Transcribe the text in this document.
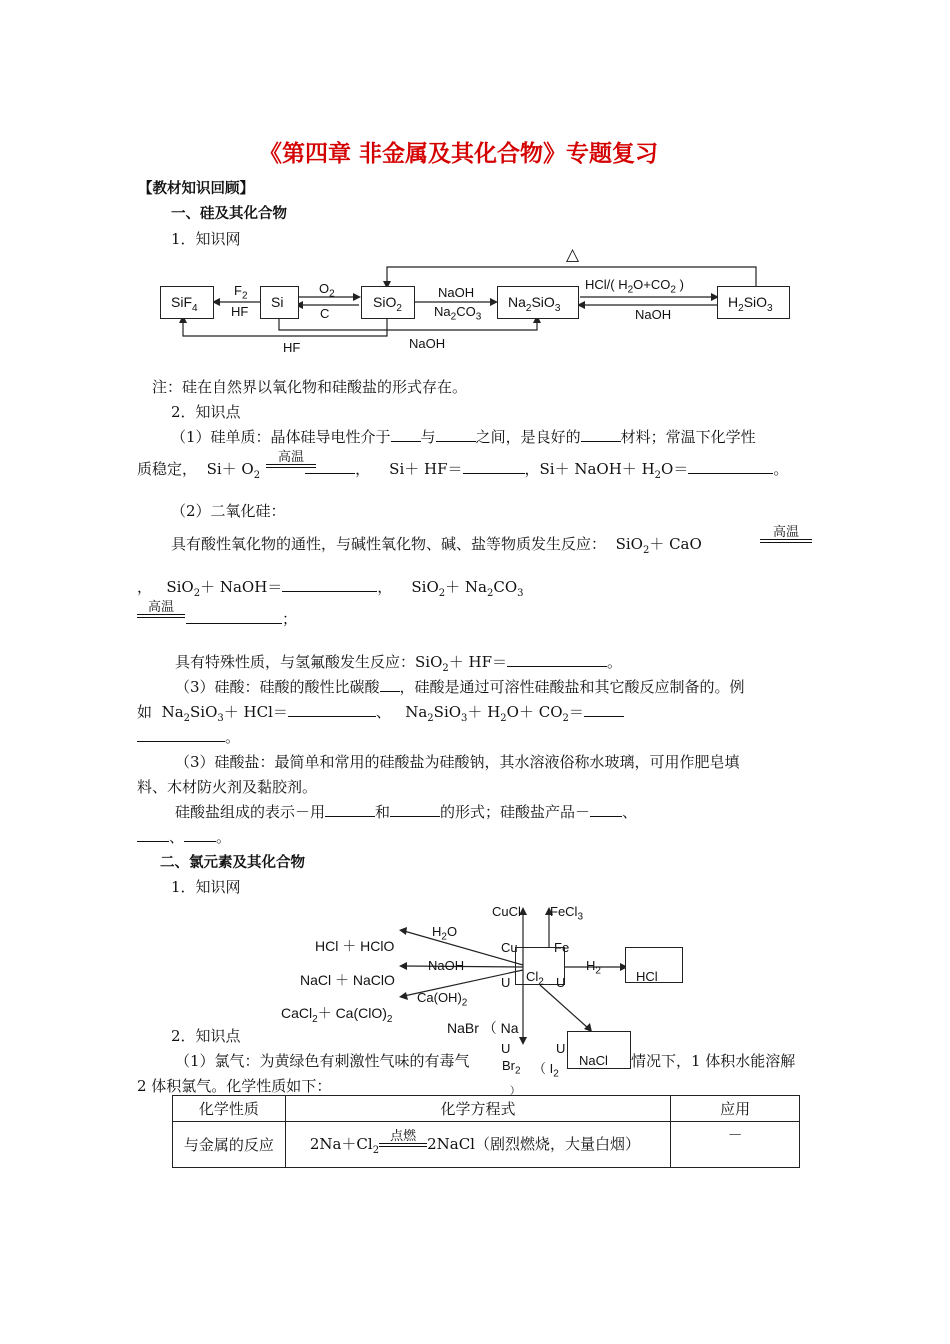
《第四章 非金属及其化合物》专题复习
【教材知识回顾】
一、硅及其化合物
1．知识网
SiF$_4$	Si	SiO$_2$	$Na_2SiO_3$	$H_2SiO_3$
$F_2$
HF
$O_2$
C
NaOH
$Na_2CO_3$
HCl/( $H_2O+CO_2$ )
NaOH
△
HF	NaOH
注：硅在自然界以氧化物和硅酸盐的形式存在。
2．知识点
（1）硅单质：晶体硅导电性介于 与	之间，是良好的	材料；常温下化学性
质稳定， $Si+ O_2$	， Si＋ HF＝	，Si＋ NaOH＋ $H_2O=$	。
高温
（2）二氧化硅：
具有酸性氧化物的通性，与碱性氧化物、碱、盐等物质发生反应： SiO$_2$＋ CaO
高温
， SiO$_2$＋ NaOH＝	， $SiO_2+ Na_2CO_3$
高温
；
具有特殊性质，与氢氟酸发生反应：SiO$_2$＋ HF＝	。
（3）硅酸：硅酸的酸性比碳酸 ，硅酸是通过可溶性硅酸盐和其它酸反应制备的。例
如 $Na_2SiO_3+ HCl=$	、 $Na_2SiO_3+ H_2O+ CO_2=$
。
（3）硅酸盐：最简单和常用的硅酸盐为硅酸钠，其水溶液俗称水玻璃，可用作肥皂填
料、木材防火剂及黏胶剂。
硅酸盐组成的表示－用	和	的形式；硅酸盐产品－ 、
、 。
二、氯元素及其化合物
1．知识网
CuCl FeCl$_3$
$H_2O$
HCl ＋ HClO	Cu	Fe
NaOH
NaCl ＋ NaClO	$Cl_2$
$H_2$	HCl
U	U
$Ca(OH)_2$
CaCl$_2$＋ $Ca(ClO)_2$
NaBr （ Na
U	U
$Br_2$ （ $I_2$
）
2．知识点
（1）氯气：为黄绿色有刺激性气味的有毒气	NaCl 情况下，1 体积水能溶解
2 体积氯气。化学性质如下：
化学性质	化学方程式	应用
与金属的反应	$2Na+Cl_2$
点燃 2NaCl（剧烈燃烧，大量白烟）	－
